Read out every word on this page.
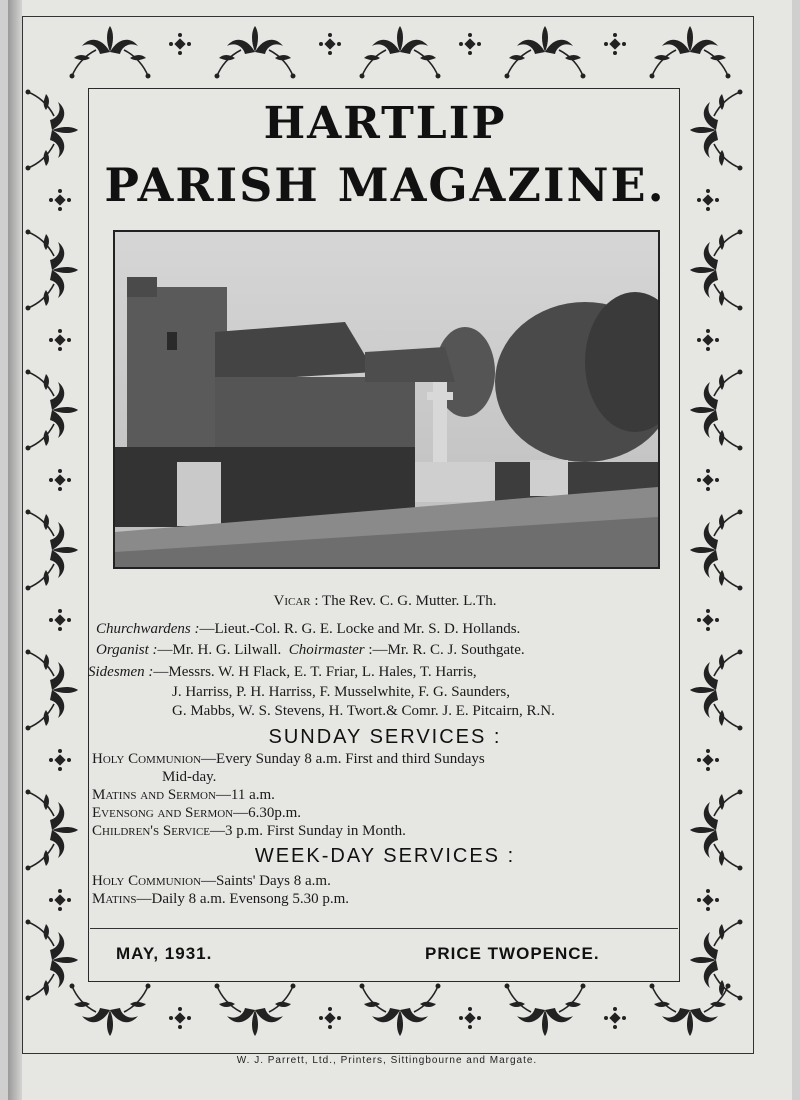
HARTLIP
PARISH MAGAZINE.
Vicar : The Rev. C. G. Mutter. L.Th.
Churchwardens :—Lieut.-Col. R. G. E. Locke and Mr. S. D. Hollands.
Organist :—Mr. H. G. Lilwall. Choirmaster :—Mr. R. C. J. Southgate.
Sidesmen :—Messrs. W. H Flack, E. T. Friar, L. Hales, T. Harris,
J. Harriss, P. H. Harriss, F. Musselwhite, F. G. Saunders,
G. Mabbs, W. S. Stevens, H. Twort.& Comr. J. E. Pitcairn, R.N.
SUNDAY SERVICES :
Holy Communion—Every Sunday 8 a.m. First and third Sundays
Mid-day.
Matins and Sermon—11 a.m.
Evensong and Sermon—6.30p.m.
Children's Service—3 p.m. First Sunday in Month.
WEEK-DAY SERVICES :
Holy Communion—Saints' Days 8 a.m.
Matins—Daily 8 a.m. Evensong 5.30 p.m.
MAY, 1931.	PRICE TWOPENCE.
W. J. Parrett, Ltd., Printers, Sittingbourne and Margate.
